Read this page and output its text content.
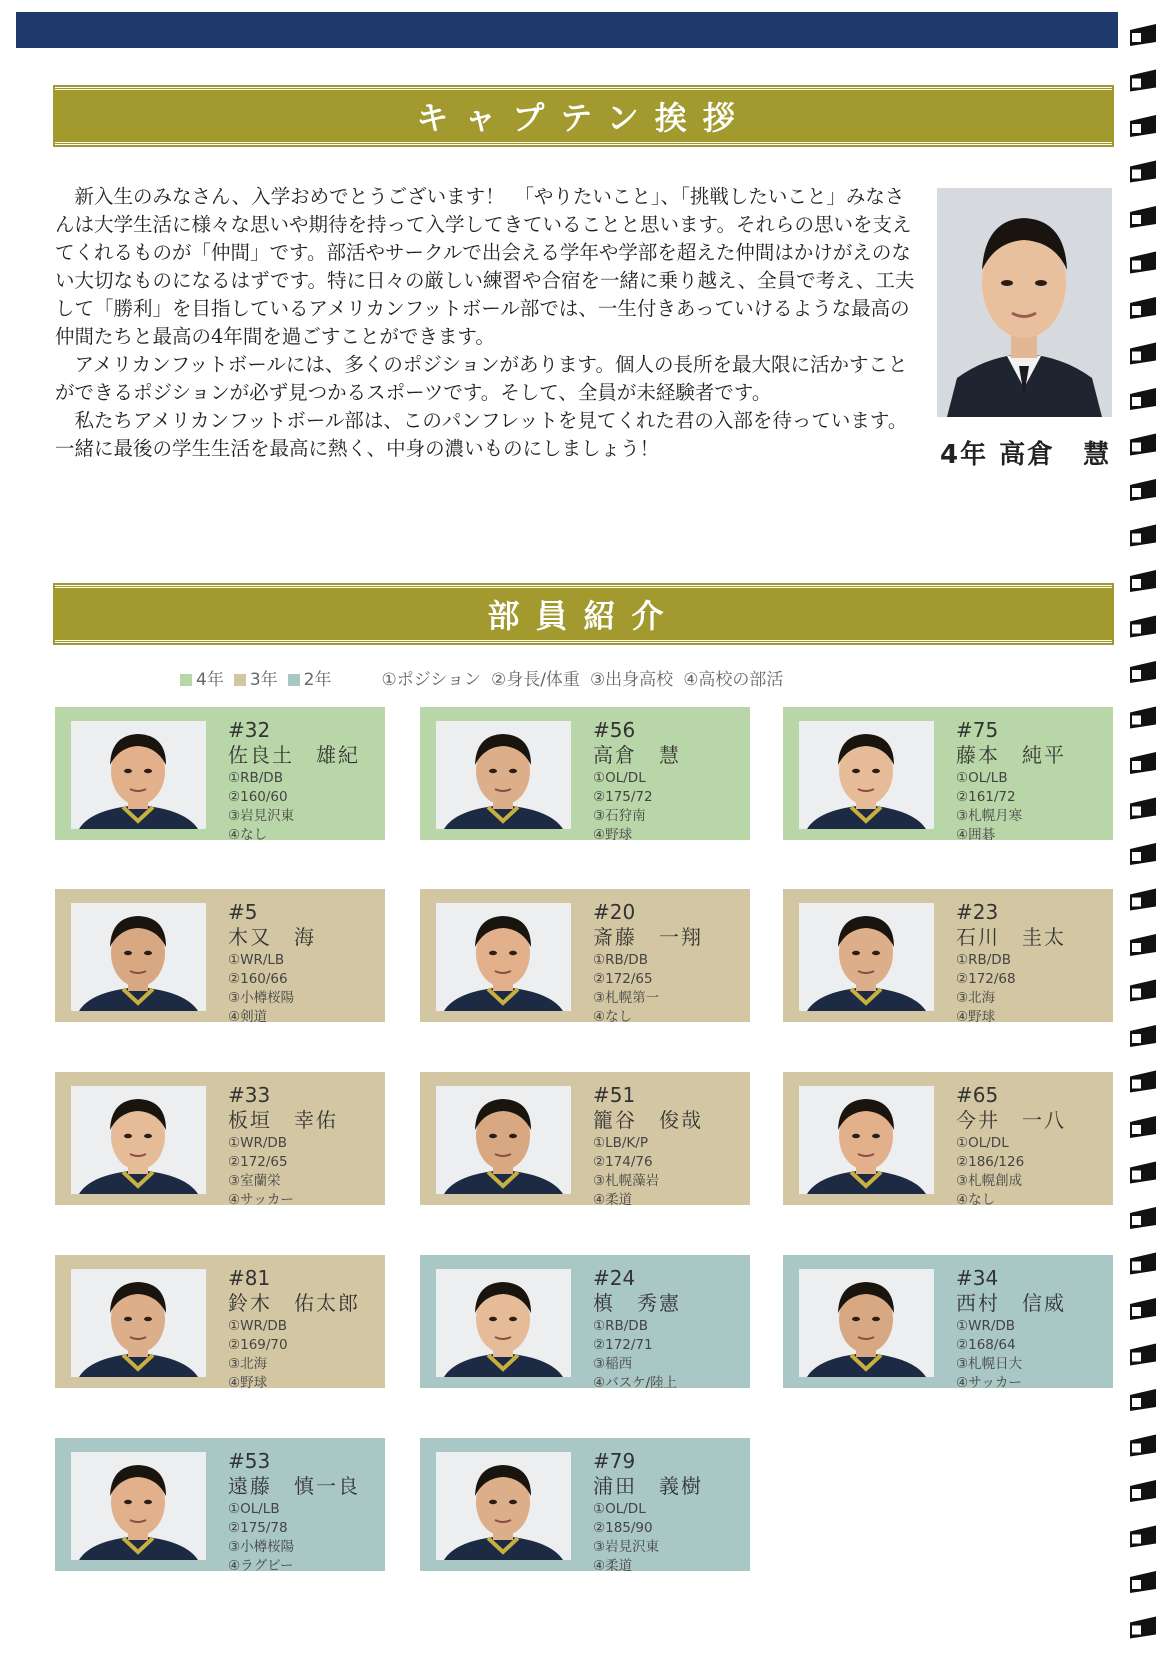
キャプテン挨拶

新入生のみなさん、入学おめでとうございます！　「やりたいこと」、「挑戦したいこと」みなさんは大学生活に様々な思いや期待を持って入学してきていることと思います。それらの思いを支えてくれるものが「仲間」です。部活やサークルで出会える学年や学部を超えた仲間はかけがえのない大切なものになるはずです。特に日々の厳しい練習や合宿を一緒に乗り越え、全員で考え、工夫して「勝利」を目指しているアメリカンフットボール部では、一生付きあっていけるような最高の仲間たちと最高の4年間を過ごすことができます。

アメリカンフットボールには、多くのポジションがあります。個人の長所を最大限に活かすことができるポジションが必ず見つかるスポーツです。そして、全員が未経験者です。

私たちアメリカンフットボール部は、このパンフレットを見てくれた君の入部を待っています。一緒に最後の学生生活を最高に熱く、中身の濃いものにしましょう！	4年 高倉　慧
部員紹介
4年	3年	2年	①ポジション ②身長/体重 ③出身高校 ④高校の部活
#32
佐良土　雄紀
①RB/DB
②160/60
③岩見沢東
④なし
#56
高倉　慧
①OL/DL
②175/72
③石狩南
④野球
#75
藤本　純平
①OL/LB
②161/72
③札幌月寒
④囲碁
#5
木又　海
①WR/LB
②160/66
③小樽桜陽
④剣道
#20
斎藤　一翔
①RB/DB
②172/65
③札幌第一
④なし
#23
石川　圭太
①RB/DB
②172/68
③北海
④野球
#33
板垣　幸佑
①WR/DB
②172/65
③室蘭栄
④サッカー
#51
籠谷　俊哉
①LB/K/P
②174/76
③札幌藻岩
④柔道
#65
今井　一八
①OL/DL
②186/126
③札幌創成
④なし
#81
鈴木　佑太郎
①WR/DB
②169/70
③北海
④野球
#24
槙　秀憲
①RB/DB
②172/71
③稲西
④バスケ/陸上
#34
西村　信威
①WR/DB
②168/64
③札幌日大
④サッカー
#53
遠藤　慎一良
①OL/LB
②175/78
③小樽桜陽
④ラグビー
#79
浦田　義樹
①OL/DL
②185/90
③岩見沢東
④柔道
